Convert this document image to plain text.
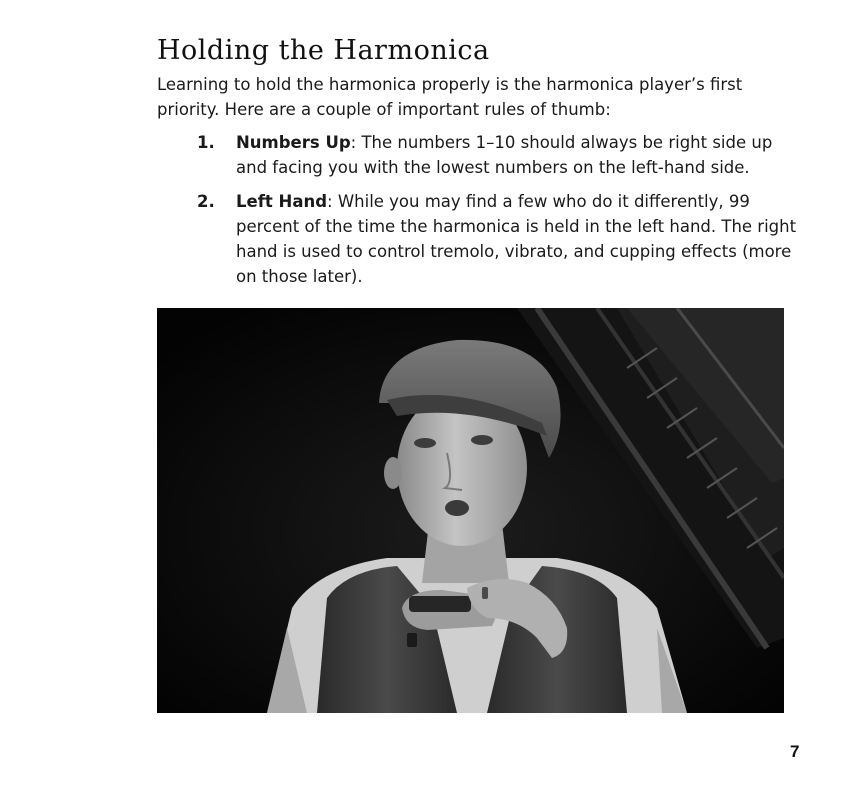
Holding the Harmonica

Learning to hold the harmonica properly is the harmonica player’s first priority. Here are a couple of important rules of thumb:

1. Numbers Up: The numbers 1–10 should always be right side up and facing you with the lowest numbers on the left-hand side.
2. Left Hand: While you may find a few who do it differently, 99 percent of the time the harmonica is held in the left hand. The right hand is used to control tremolo, vibrato, and cupping effects (more on those later).
7
